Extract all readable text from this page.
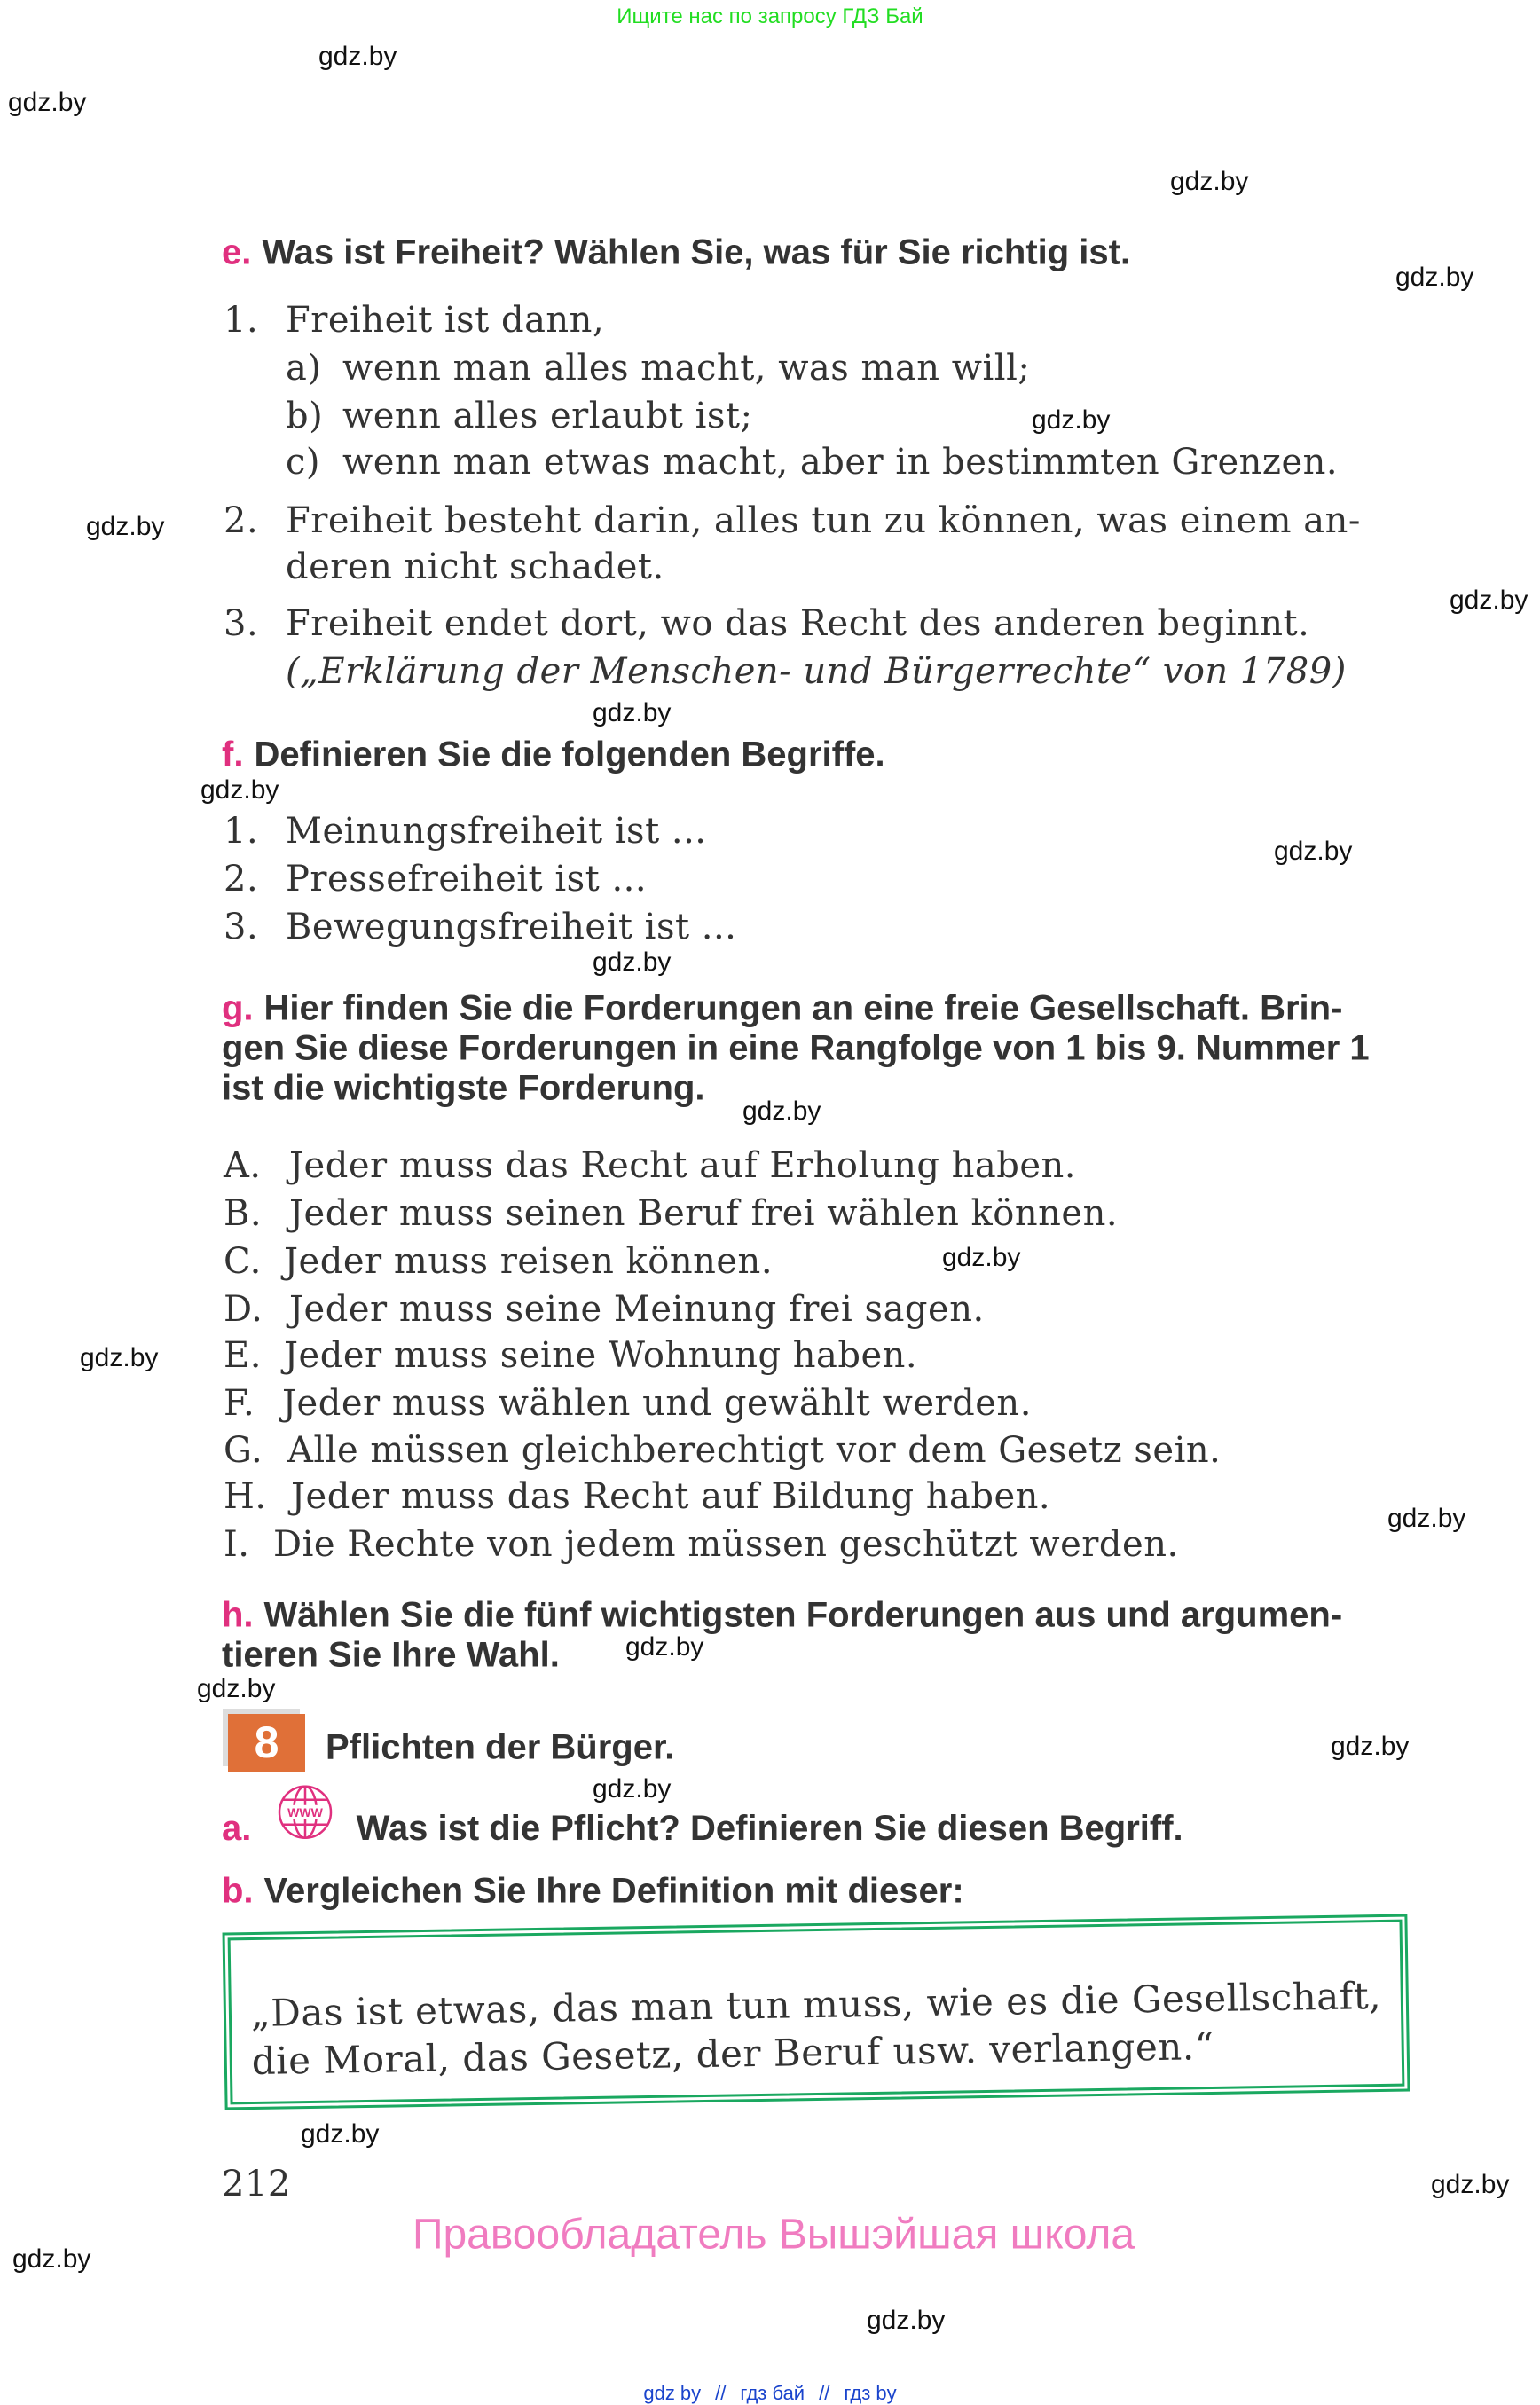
Ищите нас по запросу ГДЗ Бай
gdz.by
gdz.by
gdz.by
gdz.by
gdz.by
gdz.by
gdz.by
gdz.by
gdz.by
gdz.by
gdz.by
gdz.by
gdz.by
gdz.by
gdz.by
gdz.by
gdz.by
gdz.by
gdz.by
gdz.by
gdz.by
gdz.by
gdz.by
e. Was ist Freiheit? Wählen Sie, was für Sie richtig ist.
1. Freiheit ist dann,
a) wenn man alles macht, was man will;
b) wenn alles erlaubt ist;
c) wenn man etwas macht, aber in bestimmten Grenzen.
2. Freiheit besteht darin, alles tun zu können, was einem an-
deren nicht schadet.
3. Freiheit endet dort, wo das Recht des anderen beginnt.
(„Erklärung der Menschen- und Bürgerrechte“ von 1789)
f. Definieren Sie die folgenden Begriffe.
1. Meinungsfreiheit ist ...
2. Pressefreiheit ist ...
3. Bewegungsfreiheit ist ...
g. Hier finden Sie die Forderungen an eine freie Gesellschaft. Brin-
gen Sie diese Forderungen in eine Rangfolge von 1 bis 9. Nummer 1
ist die wichtigste Forderung.
A. Jeder muss das Recht auf Erholung haben.
B. Jeder muss seinen Beruf frei wählen können.
C. Jeder muss reisen können.
D. Jeder muss seine Meinung frei sagen.
E. Jeder muss seine Wohnung haben.
F. Jeder muss wählen und gewählt werden.
G. Alle müssen gleichberechtigt vor dem Gesetz sein.
H. Jeder muss das Recht auf Bildung haben.
I. Die Rechte von jedem müssen geschützt werden.
h. Wählen Sie die fünf wichtigsten Forderungen aus und argumen-
tieren Sie Ihre Wahl.
8	Pflichten der Bürger.
a.	WWW Was ist die Pflicht? Definieren Sie diesen Begriff.
b. Vergleichen Sie Ihre Definition mit dieser:
„Das ist etwas, das man tun muss, wie es die Gesellschaft,
die Moral, das Gesetz, der Beruf usw. verlangen.“
212
Правообладатель Вышэйшая школа
gdz by // гдз бай // гдз by
